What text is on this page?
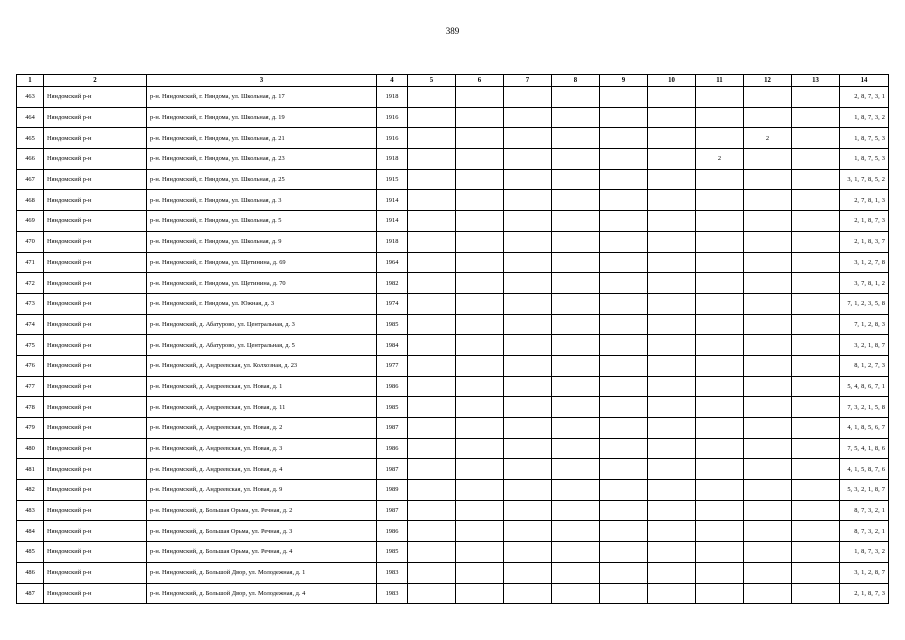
389
1	2	3	4	5	6	7	8	9	10	11	12	13	14
463	Няндомский р-н	р-н. Няндомский, г. Няндома, ул. Школьная, д. 17	1918										2, 8, 7, 3, 1
464	Няндомский р-н	р-н. Няндомский, г. Няндома, ул. Школьная, д. 19	1916										1, 8, 7, 3, 2
465	Няндомский р-н	р-н. Няндомский, г. Няндома, ул. Школьная, д. 21	1916								2		1, 8, 7, 5, 3
466	Няндомский р-н	р-н. Няндомский, г. Няндома, ул. Школьная, д. 23	1918							2			1, 8, 7, 5, 3
467	Няндомский р-н	р-н. Няндомский, г. Няндома, ул. Школьная, д. 25	1915										3, 1, 7, 8, 5, 2
468	Няндомский р-н	р-н. Няндомский, г. Няндома, ул. Школьная, д. 3	1914										2, 7, 8, 1, 3
469	Няндомский р-н	р-н. Няндомский, г. Няндома, ул. Школьная, д. 5	1914										2, 1, 8, 7, 3
470	Няндомский р-н	р-н. Няндомский, г. Няндома, ул. Школьная, д. 9	1918										2, 1, 8, 3, 7
471	Няндомский р-н	р-н. Няндомский, г. Няндома, ул. Щетинина, д. 69	1964										3, 1, 2, 7, 8
472	Няндомский р-н	р-н. Няндомский, г. Няндома, ул. Щетинина, д. 70	1982										3, 7, 8, 1, 2
473	Няндомский р-н	р-н. Няндомский, г. Няндома, ул. Южная, д. 3	1974										7, 1, 2, 3, 5, 8
474	Няндомский р-н	р-н. Няндомский, д. Абатурово, ул. Центральная, д. 3	1985										7, 1, 2, 8, 3
475	Няндомский р-н	р-н. Няндомский, д. Абатурово, ул. Центральная, д. 5	1984										3, 2, 1, 8, 7
476	Няндомский р-н	р-н. Няндомский, д. Андреевская, ул. Колхозная, д. 23	1977										8, 1, 2, 7, 3
477	Няндомский р-н	р-н. Няндомский, д. Андреевская, ул. Новая, д. 1	1986										5, 4, 8, 6, 7, 1
478	Няндомский р-н	р-н. Няндомский, д. Андреевская, ул. Новая, д. 11	1985										7, 3, 2, 1, 5, 8
479	Няндомский р-н	р-н. Няндомский, д. Андреевская, ул. Новая, д. 2	1987										4, 1, 8, 5, 6, 7
480	Няндомский р-н	р-н. Няндомский, д. Андреевская, ул. Новая, д. 3	1986										7, 5, 4, 1, 8, 6
481	Няндомский р-н	р-н. Няндомский, д. Андреевская, ул. Новая, д. 4	1987										4, 1, 5, 8, 7, 6
482	Няндомский р-н	р-н. Няндомский, д. Андреевская, ул. Новая, д. 9	1989										5, 3, 2, 1, 8, 7
483	Няндомский р-н	р-н. Няндомский, д. Большая Орьма, ул. Речная, д. 2	1987										8, 7, 3, 2, 1
484	Няндомский р-н	р-н. Няндомский, д. Большая Орьма, ул. Речная, д. 3	1986										8, 7, 3, 2, 1
485	Няндомский р-н	р-н. Няндомский, д. Большая Орьма, ул. Речная, д. 4	1985										1, 8, 7, 3, 2
486	Няндомский р-н	р-н. Няндомский, д. Большой Двор, ул. Молодежная, д. 1	1983										3, 1, 2, 8, 7
487	Няндомский р-н	р-н. Няндомский, д. Большой Двор, ул. Молодежная, д. 4	1983										2, 1, 8, 7, 3
